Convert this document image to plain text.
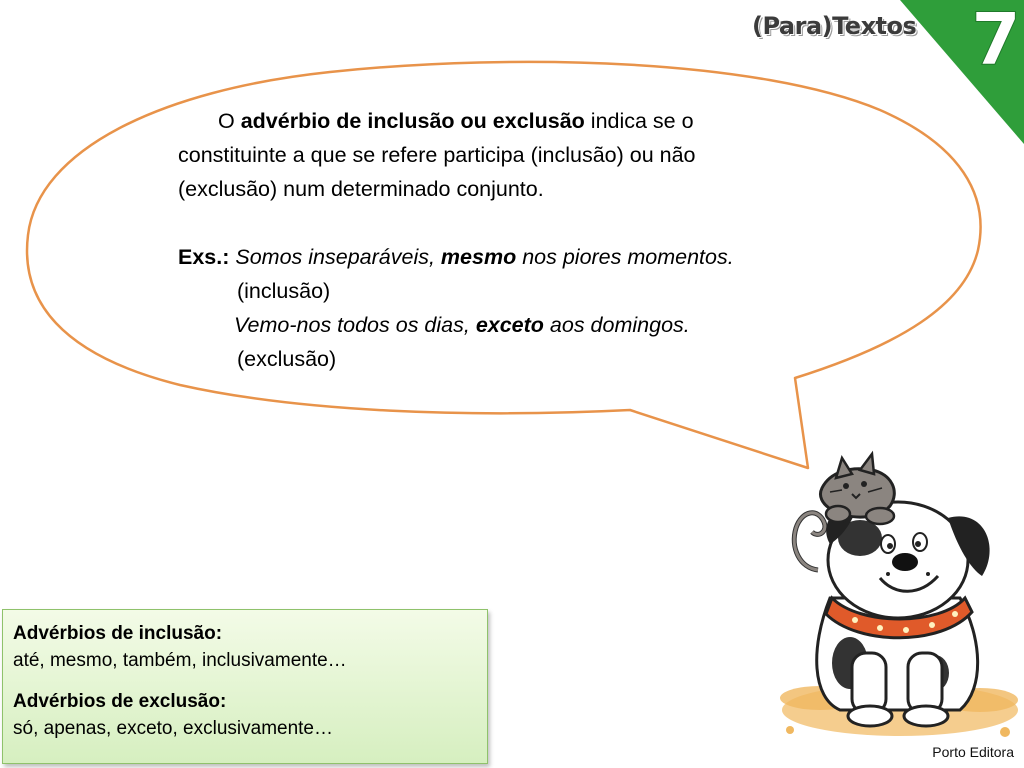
(Para)Textos 7

O advérbio de inclusão ou exclusão indica se o

constituinte a que se refere participa (inclusão) ou não

(exclusão) num determinado conjunto.

Exs.: Somos inseparáveis, mesmo nos piores momentos.

(inclusão)

Vemo-nos todos os dias, exceto aos domingos.

(exclusão)

Advérbios de inclusão:
até, mesmo, também, inclusivamente…
Advérbios de exclusão:
só, apenas, exceto, exclusivamente…
Porto Editora
